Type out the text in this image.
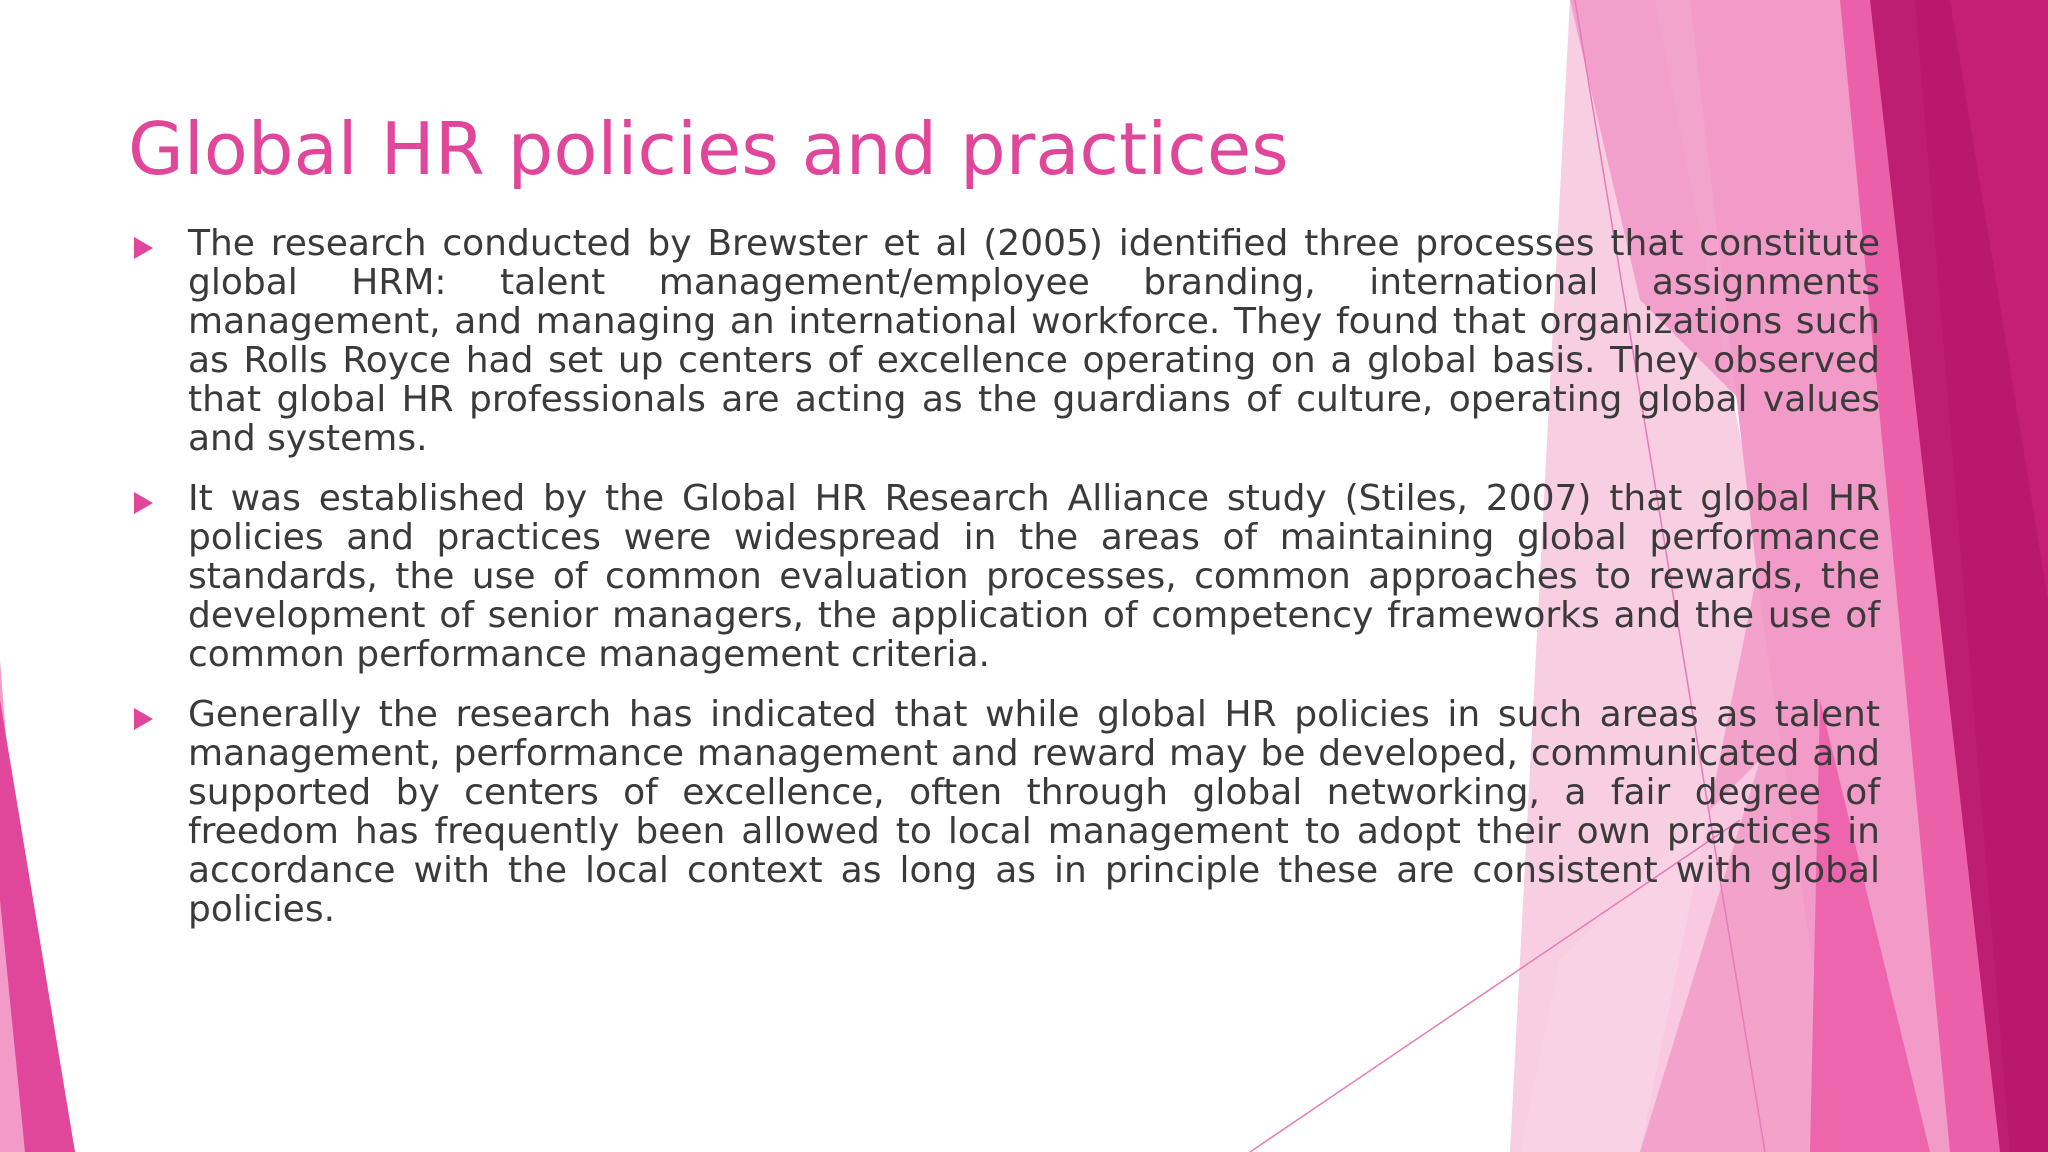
Global HR policies and practices
The research conducted by Brewster et al (2005) identified three processes that constitute global HRM: talent management/employee branding, international assignments management, and managing an international workforce. They found that organizations such as Rolls Royce had set up centers of excellence operating on a global basis. They observed that global HR professionals are acting as the guardians of culture, operating global values and systems.
It was established by the Global HR Research Alliance study (Stiles, 2007) that global HR policies and practices were widespread in the areas of maintaining global performance standards, the use of common evaluation processes, common approaches to rewards, the development of senior managers, the application of competency frameworks and the use of common performance management criteria.
Generally the research has indicated that while global HR policies in such areas as talent management, performance management and reward may be developed, communicated and supported by centers of excellence, often through global networking, a fair degree of freedom has frequently been allowed to local management to adopt their own practices in accordance with the local context as long as in principle these are consistent with global policies.
